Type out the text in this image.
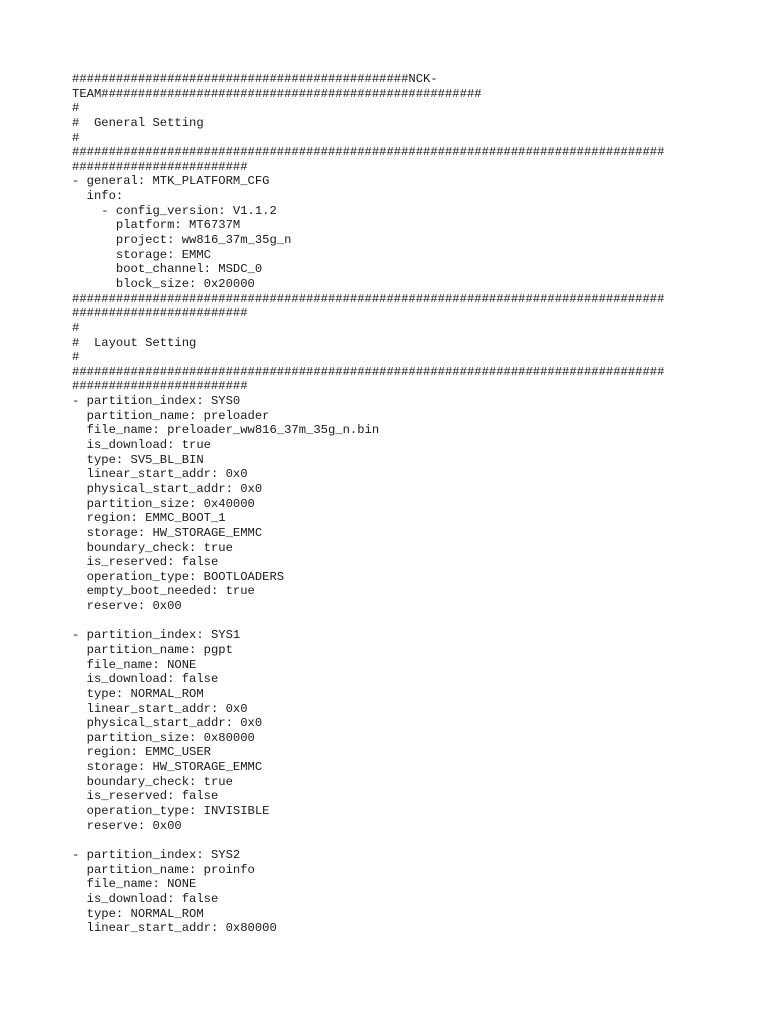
##############################################NCK-
TEAM####################################################
#
#  General Setting
#
#################################################################################
########################
- general: MTK_PLATFORM_CFG
info:
- config_version: V1.1.2
platform: MT6737M
project: ww816_37m_35g_n
storage: EMMC
boot_channel: MSDC_0
block_size: 0x20000
#################################################################################
########################
#
#  Layout Setting
#
#################################################################################
########################
- partition_index: SYS0
partition_name: preloader
file_name: preloader_ww816_37m_35g_n.bin
is_download: true
type: SV5_BL_BIN
linear_start_addr: 0x0
physical_start_addr: 0x0
partition_size: 0x40000
region: EMMC_BOOT_1
storage: HW_STORAGE_EMMC
boundary_check: true
is_reserved: false
operation_type: BOOTLOADERS
empty_boot_needed: true
reserve: 0x00

- partition_index: SYS1
partition_name: pgpt
file_name: NONE
is_download: false
type: NORMAL_ROM
linear_start_addr: 0x0
physical_start_addr: 0x0
partition_size: 0x80000
region: EMMC_USER
storage: HW_STORAGE_EMMC
boundary_check: true
is_reserved: false
operation_type: INVISIBLE
reserve: 0x00

- partition_index: SYS2
partition_name: proinfo
file_name: NONE
is_download: false
type: NORMAL_ROM
linear_start_addr: 0x80000
